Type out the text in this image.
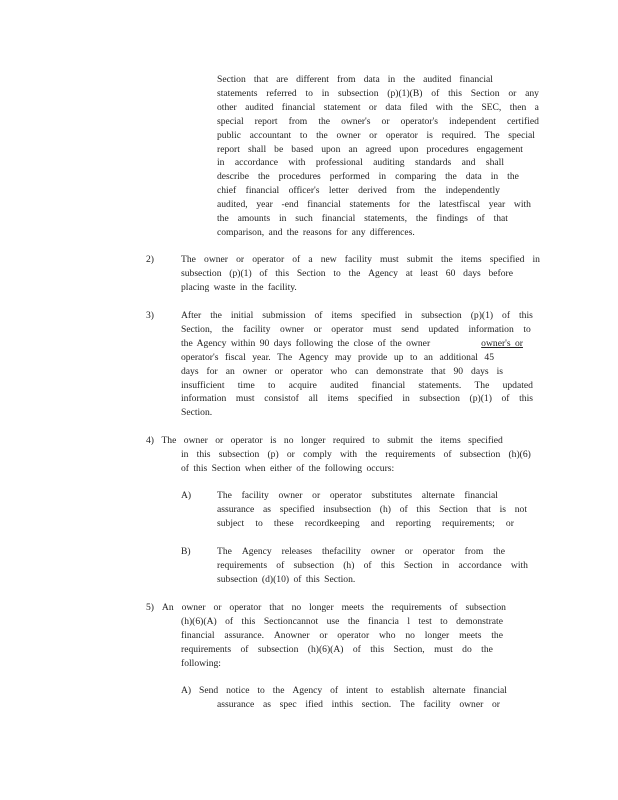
Section that are different from data in the audited financial
statements referred to in subsection (p)(1)(B) of this Section or any
other audited financial statement or data filed with the SEC, then a
special report from the owner's or operator's independent certified
public accountant to the owner or operator is required. The special
report shall be based upon an agreed upon procedures engagement
in accordance with professional auditing standards and shall
describe the procedures performed in comparing the data in the
chief financial officer's letter derived from the independently
audited, year -end financial statements for the latestfiscal year with
the amounts in such financial statements, the findings of that
comparison, and the reasons for any differences.
2)	The owner or operator of a new facility must submit the items specified in
subsection (p)(1) of this Section to the Agency at least 60 days before
placing waste in the facility.
3)	After the initial submission of items specified in subsection (p)(1) of this
Section, the facility owner or operator must send updated information to
the Agency within 90 days following the close of the owner	owner's or
operator's fiscal year. The Agency may provide up to an additional 45
days for an owner or operator who can demonstrate that 90 days is
insufficient time to acquire audited financial statements. The updated
information must consistof all items specified in subsection (p)(1) of this
Section.
4) The owner or operator is no longer required to submit the items specified
in this subsection (p) or comply with the requirements of subsection (h)(6)
of this Section when either of the following occurs:
A)	The facility owner or operator substitutes alternate financial
assurance as specified insubsection (h) of this Section that is not
subject to these recordkeeping and reporting requirements; or
B)	The Agency releases thefacility owner or operator from the
requirements of subsection (h) of this Section in accordance with
subsection (d)(10) of this Section.
5) An owner or operator that no longer meets the requirements of subsection
(h)(6)(A) of this Sectioncannot use the financia l test to demonstrate
financial assurance. Anowner or operator who no longer meets the
requirements of subsection (h)(6)(A) of this Section, must do the
following:
A) Send notice to the Agency of intent to establish alternate financial
assurance as spec ified inthis section. The facility owner or
